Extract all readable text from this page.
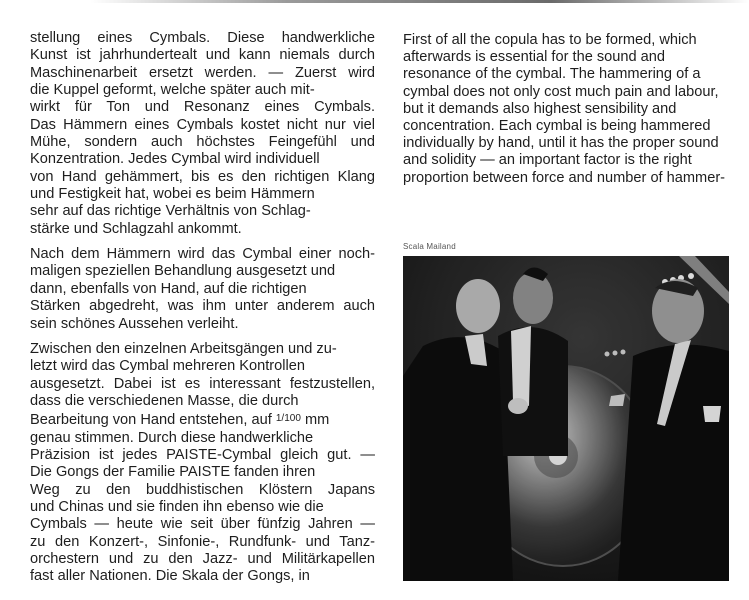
stellung eines Cymbals. Diese handwerkliche
Kunst ist jahrhundertealt und kann niemals durch
Maschinenarbeit ersetzt werden. — Zuerst wird
die Kuppel geformt, welche später auch mit-
wirkt für Ton und Resonanz eines Cymbals.
Das Hämmern eines Cymbals kostet nicht nur viel
Mühe, sondern auch höchstes Feingefühl und
Konzentration. Jedes Cymbal wird individuell
von Hand gehämmert, bis es den richtigen Klang
und Festigkeit hat, wobei es beim Hämmern
sehr auf das richtige Verhältnis von Schlag-
stärke und Schlagzahl ankommt.
Nach dem Hämmern wird das Cymbal einer noch-
maligen speziellen Behandlung ausgesetzt und
dann, ebenfalls von Hand, auf die richtigen
Stärken abgedreht, was ihm unter anderem auch
sein schönes Aussehen verleiht.
Zwischen den einzelnen Arbeitsgängen und zu-
letzt wird das Cymbal mehreren Kontrollen
ausgesetzt. Dabei ist es interessant festzustellen,
dass die verschiedenen Masse, die durch
Bearbeitung von Hand entstehen, auf $^{1/100}$ mm
genau stimmen. Durch diese handwerkliche
Präzision ist jedes PAISTE-Cymbal gleich gut. —
Die Gongs der Familie PAISTE fanden ihren
Weg zu den buddhistischen Klöstern Japans
und Chinas und sie finden ihn ebenso wie die
Cymbals — heute wie seit über fünfzig Jahren —
zu den Konzert-, Sinfonie-, Rundfunk- und Tanz-
orchestern und zu den Jazz- und Militärkapellen
fast aller Nationen. Die Skala der Gongs, in
First of all the copula has to be formed, which
afterwards is essential for the sound and
resonance of the cymbal. The hammering of a
cymbal does not only cost much pain and labour,
but it demands also highest sensibility and
concentration. Each cymbal is being hammered
individually by hand, until it has the proper sound
and solidity — an important factor is the right
proportion between force and number of hammer-
Scala Mailand
